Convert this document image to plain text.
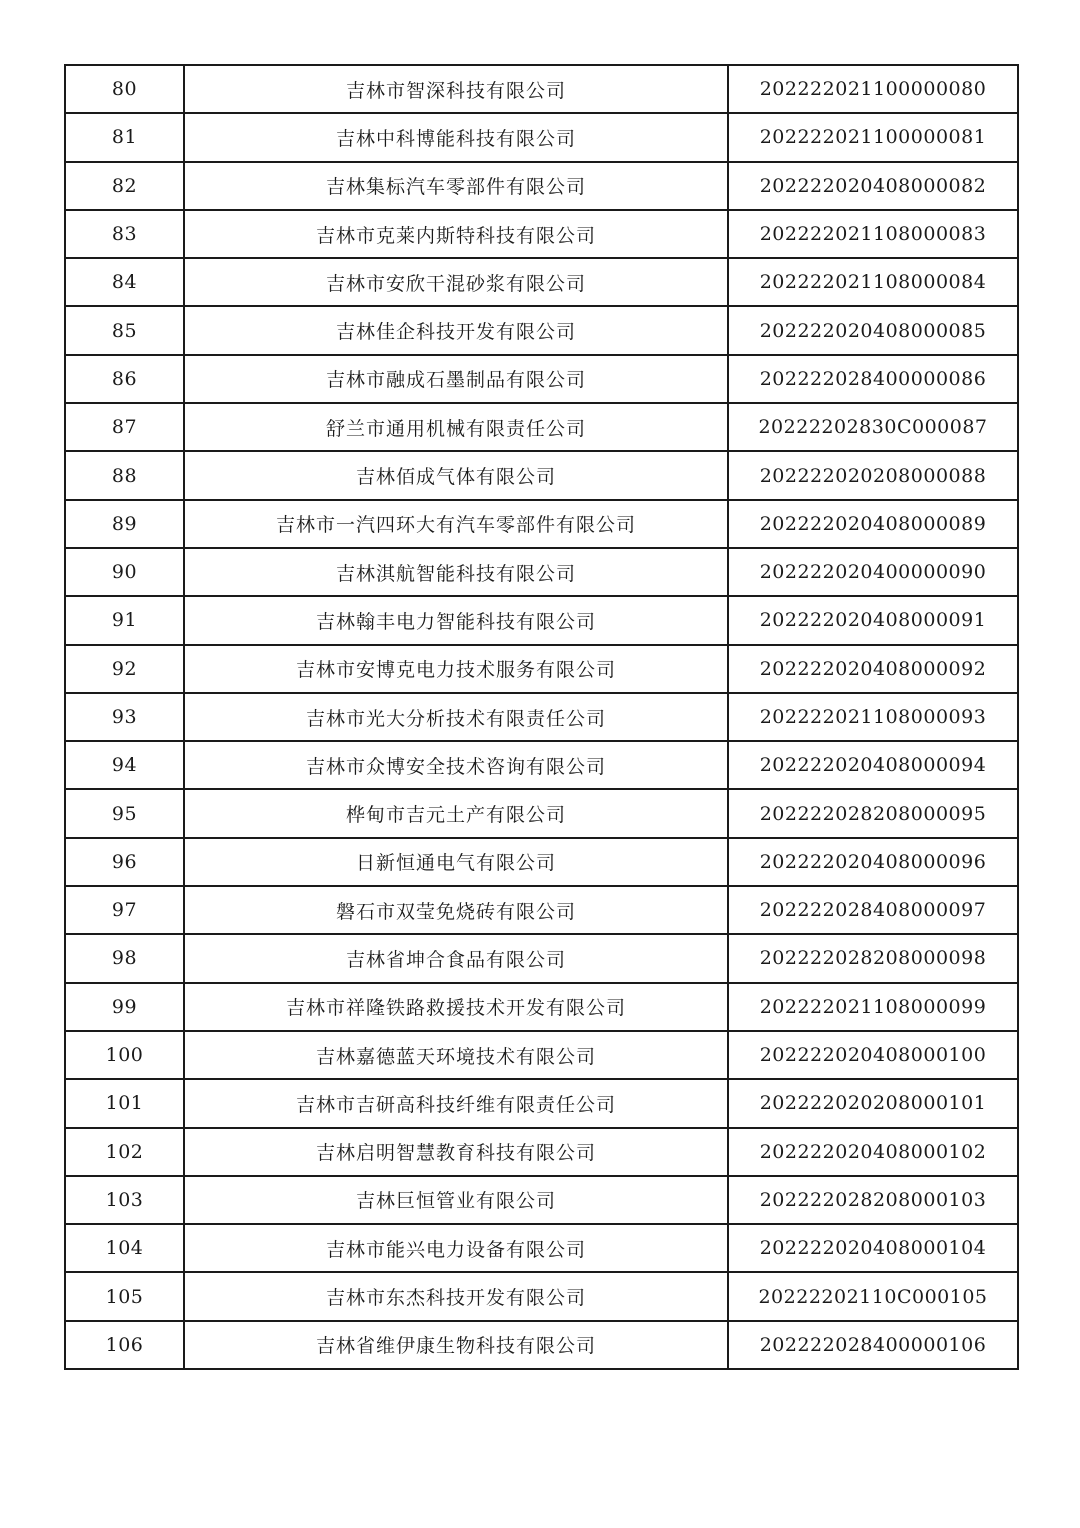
80	吉林市智深科技有限公司	202222021100000080
81	吉林中科博能科技有限公司	202222021100000081
82	吉林集标汽车零部件有限公司	202222020408000082
83	吉林市克莱内斯特科技有限公司	202222021108000083
84	吉林市安欣干混砂浆有限公司	202222021108000084
85	吉林佳企科技开发有限公司	202222020408000085
86	吉林市融成石墨制品有限公司	202222028400000086
87	舒兰市通用机械有限责任公司	20222202830C000087
88	吉林佰成气体有限公司	202222020208000088
89	吉林市一汽四环大有汽车零部件有限公司	202222020408000089
90	吉林淇航智能科技有限公司	202222020400000090
91	吉林翰丰电力智能科技有限公司	202222020408000091
92	吉林市安博克电力技术服务有限公司	202222020408000092
93	吉林市光大分析技术有限责任公司	202222021108000093
94	吉林市众博安全技术咨询有限公司	202222020408000094
95	桦甸市吉元土产有限公司	202222028208000095
96	日新恒通电气有限公司	202222020408000096
97	磐石市双莹免烧砖有限公司	202222028408000097
98	吉林省坤合食品有限公司	202222028208000098
99	吉林市祥隆铁路救援技术开发有限公司	202222021108000099
100	吉林嘉德蓝天环境技术有限公司	202222020408000100
101	吉林市吉研高科技纤维有限责任公司	202222020208000101
102	吉林启明智慧教育科技有限公司	202222020408000102
103	吉林巨恒管业有限公司	202222028208000103
104	吉林市能兴电力设备有限公司	202222020408000104
105	吉林市东杰科技开发有限公司	20222202110C000105
106	吉林省维伊康生物科技有限公司	202222028400000106
